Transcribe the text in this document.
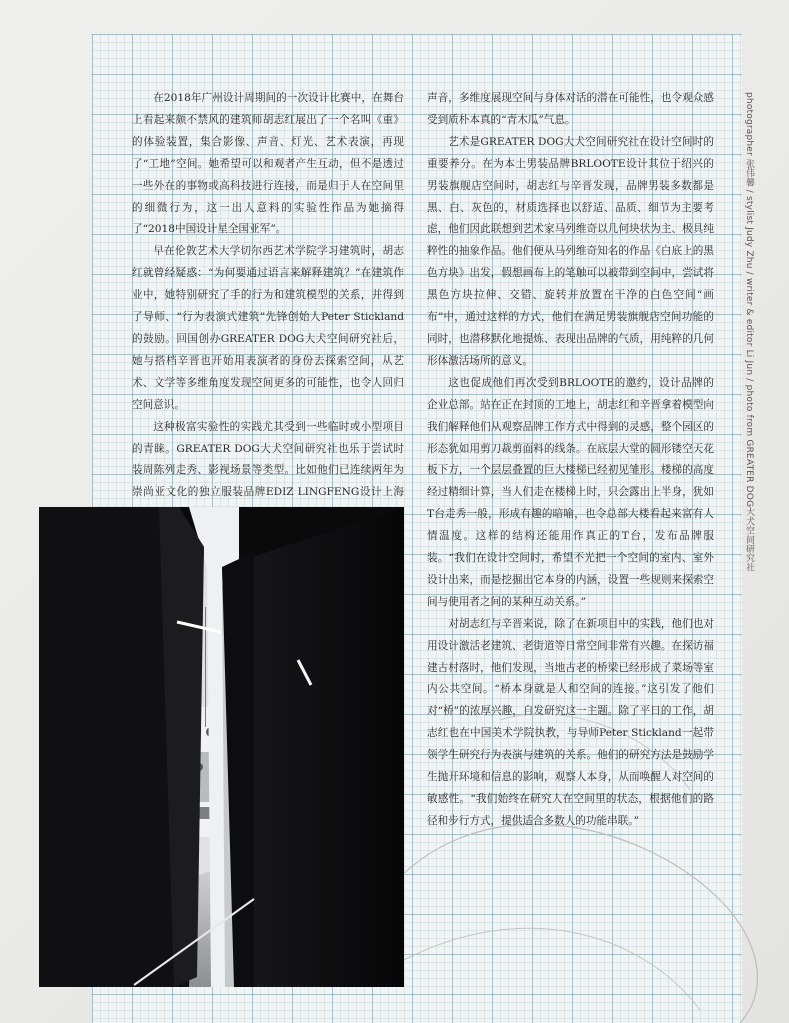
在2018年广州设计周期间的一次设计比赛中，在舞台上看起来颇不禁风的建筑师胡志红展出了一个名叫《重》的体验装置，集合影像、声音、灯光、艺术表演，再现了“工地”空间。她希望可以和观者产生互动，但不是透过一些外在的事物或高科技进行连接，而是归于人在空间里的细微行为，这一出人意料的实验性作品为她摘得了“2018中国设计星全国亚军”。

早在伦敦艺术大学切尔西艺术学院学习建筑时，胡志红就曾经疑惑：“为何要通过语言来解释建筑？”在建筑作业中，她特别研究了手的行为和建筑模型的关系，并得到了导师、“行为表演式建筑”先锋创始人Peter Stickland的鼓励。回国创办GREATER DOG大犬空间研究社后，她与搭档辛晋也开始用表演者的身份去探索空间，从艺术、文学等多维角度发现空间更多的可能性，也令人回归空间意识。

这种极富实验性的实践尤其受到一些临时或小型项目的青睐。GREATER DOG大犬空间研究社也乐于尝试时装周陈列走秀、影视场景等类型。比如他们已连续两年为崇尚亚文化的独立服装品牌EDIZ LINGFENG设计上海

声音，多维度展现空间与身体对话的潜在可能性，也令观众感受到质朴本真的“青木瓜”气息。

艺术是GREATER DOG大犬空间研究社在设计空间时的重要养分。在为本土男装品牌BRLOOTE设计其位于绍兴的男装旗舰店空间时，胡志红与辛晋发现，品牌男装多数都是黑、白、灰色的，材质选择也以舒适、品质、细节为主要考虑，他们因此联想到艺术家马列维奇以几何块状为主、极具纯粹性的抽象作品。他们便从马列维奇知名的作品《白底上的黑色方块》出发，假想画布上的笔触可以被带到空间中，尝试将黑色方块拉伸、交错、旋转并放置在干净的白色空间“画布”中，通过这样的方式，他们在满足男装旗舰店空间功能的同时，也潜移默化地提炼、表现出品牌的气质，用纯粹的几何形体激活场所的意义。

这也促成他们再次受到BRLOOTE的邀约，设计品牌的企业总部。站在正在封顶的工地上，胡志红和辛晋拿着模型向我们解释他们从观察品牌工作方式中得到的灵感，整个园区的形态犹如用剪刀裁剪面料的线条。在底层大堂的圆形镂空天花板下方，一个层层叠置的巨大楼梯已经初见雏形。楼梯的高度经过精细计算，当人们走在楼梯上时，只会露出上半身，犹如T台走秀一般，形成有趣的暗喻，也令总部大楼看起来富有人情温度。这样的结构还能用作真正的T台，发布品牌服装。“我们在设计空间时，希望不光把一个空间的室内、室外设计出来，而是挖掘出它本身的内涵，设置一些规则来探索空间与使用者之间的某种互动关系。”

对胡志红与辛晋来说，除了在新项目中的实践，他们也对用设计激活老建筑、老街道等日常空间非常有兴趣。在探访福建古村落时，他们发现，当地古老的桥梁已经形成了菜场等室内公共空间。“桥本身就是人和空间的连接。”这引发了他们对“桥”的浓厚兴趣，自发研究这一主题。除了平日的工作，胡志红也在中国美术学院执教，与导师Peter Stickland一起带领学生研究行为表演与建筑的关系。他们的研究方法是鼓励学生抛开环境和信息的影响，观察人本身，从而唤醒人对空间的敏感性。“我们始终在研究人在空间里的状态，根据他们的路径和步行方式，提供适合多数人的功能串联。”

photographer 张伟馨 / stylist Judy Zhu / writer & editor Li Jun / photo from GREATER DOG大犬空间研究社
